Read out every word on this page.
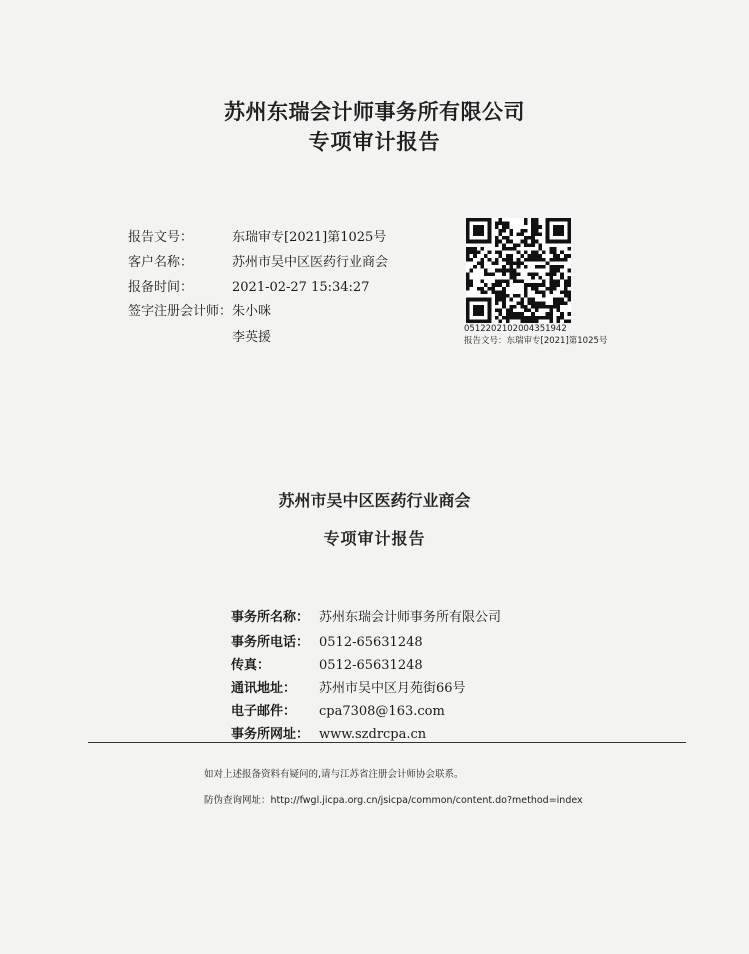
苏州东瑞会计师事务所有限公司
专项审计报告
报告文号：	东瑞审专[2021]第1025号
客户名称：	苏州市吴中区医药行业商会
报备时间：	2021-02-27 15:34:27
签字注册会计师：朱小咪
李英援
0512202102004351942
报告文号：东瑞审专[2021]第1025号
苏州市吴中区医药行业商会
专项审计报告
事务所名称： 苏州东瑞会计师事务所有限公司
事务所电话： 0512-65631248
传真：	0512-65631248
通讯地址： 苏州市吴中区月苑街66号
电子邮件： cpa7308@163.com
事务所网址： www.szdrcpa.cn
如对上述报备资料有疑问的,请与江苏省注册会计师协会联系。
防伪查询网址：http://fwgl.jicpa.org.cn/jsicpa/common/content.do?method=index
